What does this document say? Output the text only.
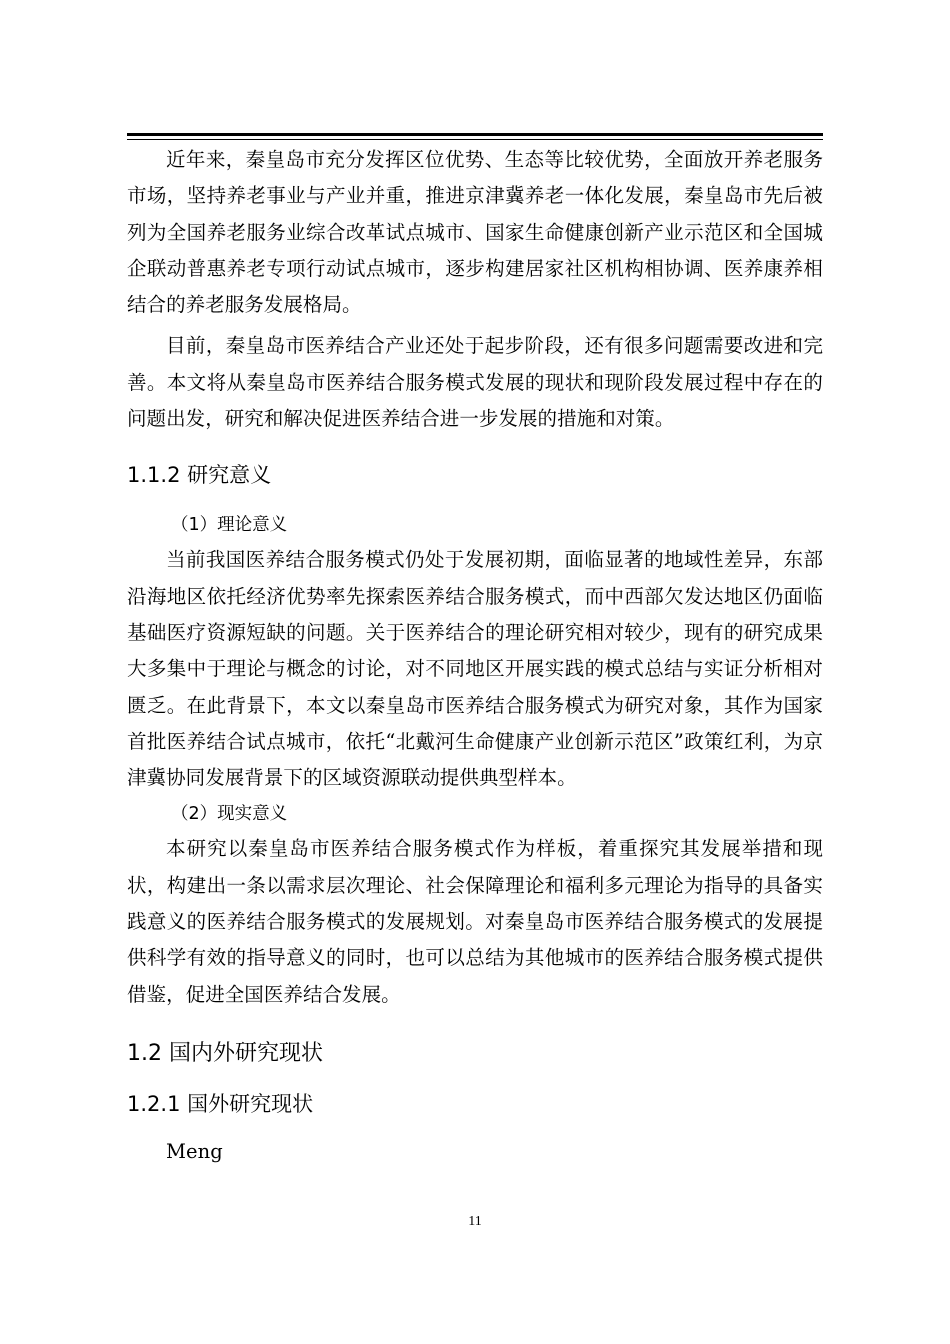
近年来，秦皇岛市充分发挥区位优势、生态等比较优势，全面放开养老服务市场，坚持养老事业与产业并重，推进京津冀养老一体化发展，秦皇岛市先后被列为全国养老服务业综合改革试点城市、国家生命健康创新产业示范区和全国城企联动普惠养老专项行动试点城市，逐步构建居家社区机构相协调、医养康养相结合的养老服务发展格局。

目前，秦皇岛市医养结合产业还处于起步阶段，还有很多问题需要改进和完善。本文将从秦皇岛市医养结合服务模式发展的现状和现阶段发展过程中存在的问题出发，研究和解决促进医养结合进一步发展的措施和对策。

1.1.2 研究意义
（1）理论意义

当前我国医养结合服务模式仍处于发展初期，面临显著的地域性差异，东部沿海地区依托经济优势率先探索医养结合服务模式，而中西部欠发达地区仍面临基础医疗资源短缺的问题。关于医养结合的理论研究相对较少，现有的研究成果大多集中于理论与概念的讨论，对不同地区开展实践的模式总结与实证分析相对匮乏。在此背景下，本文以秦皇岛市医养结合服务模式为研究对象，其作为国家首批医养结合试点城市，依托“北戴河生命健康产业创新示范区”政策红利，为京津冀协同发展背景下的区域资源联动提供典型样本。

（2）现实意义

本研究以秦皇岛市医养结合服务模式作为样板，着重探究其发展举措和现状，构建出一条以需求层次理论、社会保障理论和福利多元理论为指导的具备实践意义的医养结合服务模式的发展规划。对秦皇岛市医养结合服务模式的发展提供科学有效的指导意义的同时，也可以总结为其他城市的医养结合服务模式提供借鉴，促进全国医养结合发展。

1.2 国内外研究现状
1.2.1 国外研究现状

Meng

11
